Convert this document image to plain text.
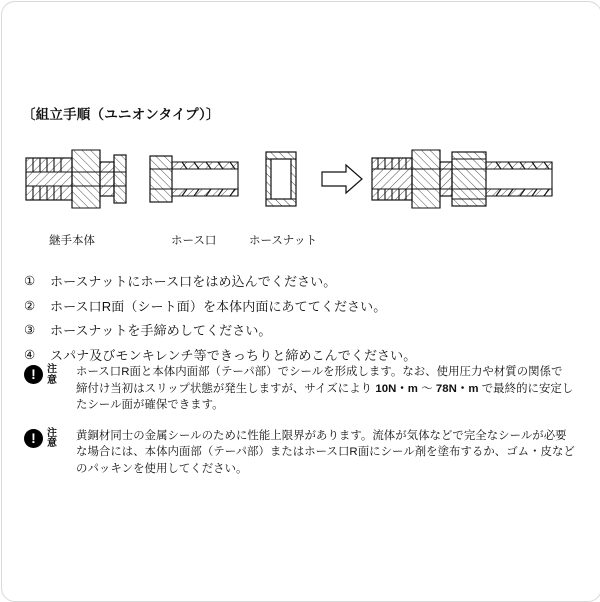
〔組立手順（ユニオンタイプ）〕
継手本体	ホース口	ホースナット
①	ホースナットにホース口をはめ込んでください。
②	ホース口R面（シート面）を本体内面にあててください。
③	ホースナットを手締めしてください。
④	スパナ及びモンキレンチ等できっちりと締めこんでください。
!	注意
ホース口R面と本体内面部（テーパ部）でシールを形成します。なお、使用圧力や材質の関係で
締付け当初はスリップ状態が発生しますが、サイズにより 10N・m ～ 78N・m で最終的に安定し
たシール面が確保できます。
!	注意
黄銅材同士の金属シールのために性能上限界があります。流体が気体などで完全なシールが必要
な場合には、本体内面部（テーパ部）またはホース口R面にシール剤を塗布するか、ゴム・皮など
のパッキンを使用してください。
